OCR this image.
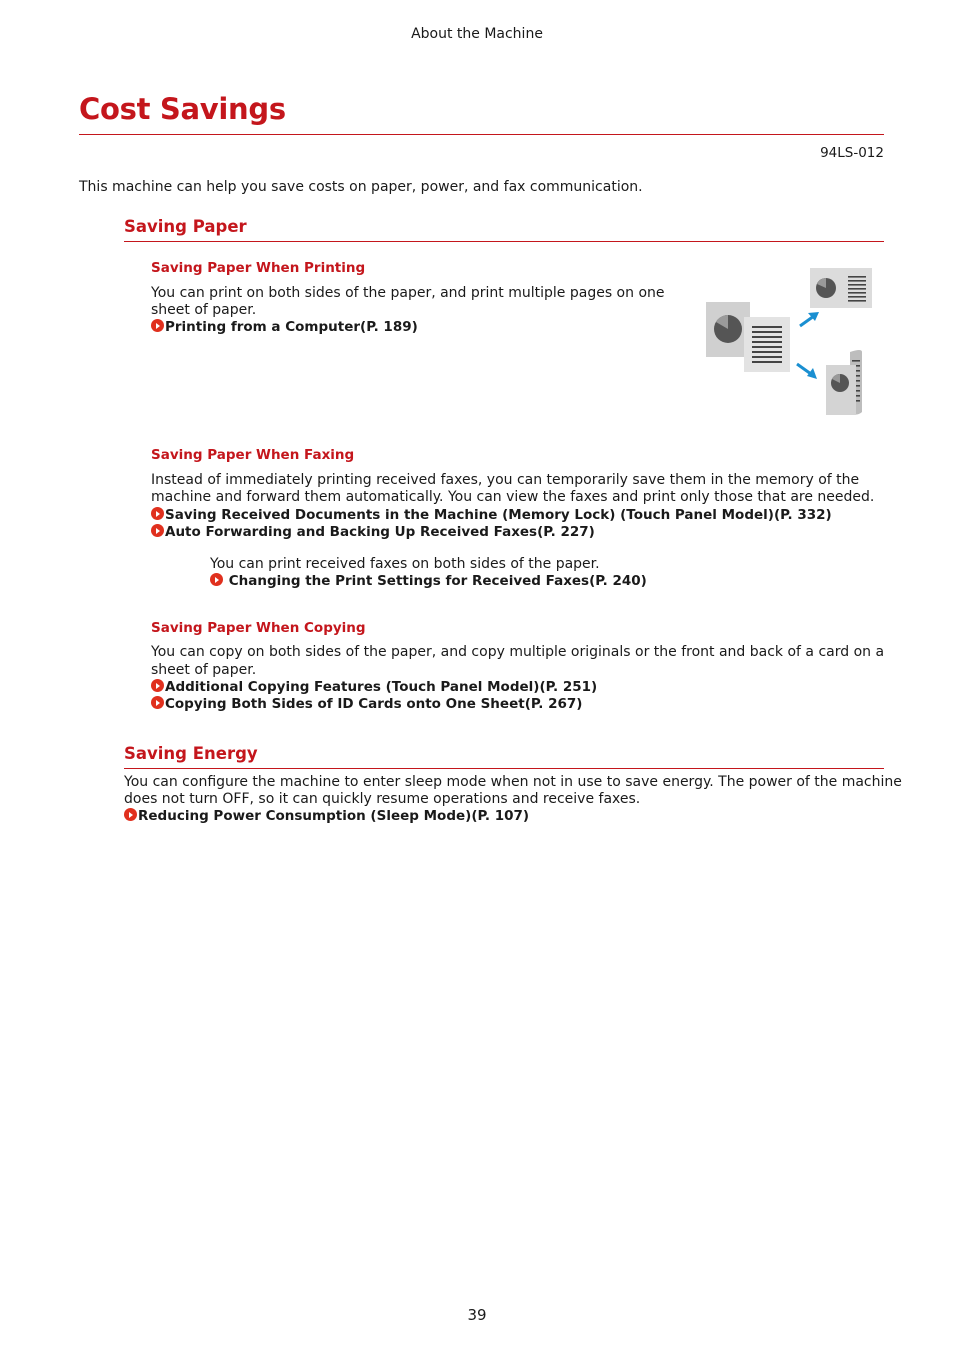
About the Machine
Cost Savings
94LS-012
This machine can help you save costs on paper, power, and fax communication.
Saving Paper
Saving Paper When Printing
You can print on both sides of the paper, and print multiple pages on one
sheet of paper.
Printing from a Computer(P. 189)
Saving Paper When Faxing
Instead of immediately printing received faxes, you can temporarily save them in the memory of the
machine and forward them automatically. You can view the faxes and print only those that are needed.
Saving Received Documents in the Machine (Memory Lock) (Touch Panel Model)(P. 332)
Auto Forwarding and Backing Up Received Faxes(P. 227)
You can print received faxes on both sides of the paper.
Changing the Print Settings for Received Faxes(P. 240)
Saving Paper When Copying
You can copy on both sides of the paper, and copy multiple originals or the front and back of a card on a
sheet of paper.
Additional Copying Features (Touch Panel Model)(P. 251)
Copying Both Sides of ID Cards onto One Sheet(P. 267)
Saving Energy
You can configure the machine to enter sleep mode when not in use to save energy. The power of the machine
does not turn OFF, so it can quickly resume operations and receive faxes.
Reducing Power Consumption (Sleep Mode)(P. 107)
39
